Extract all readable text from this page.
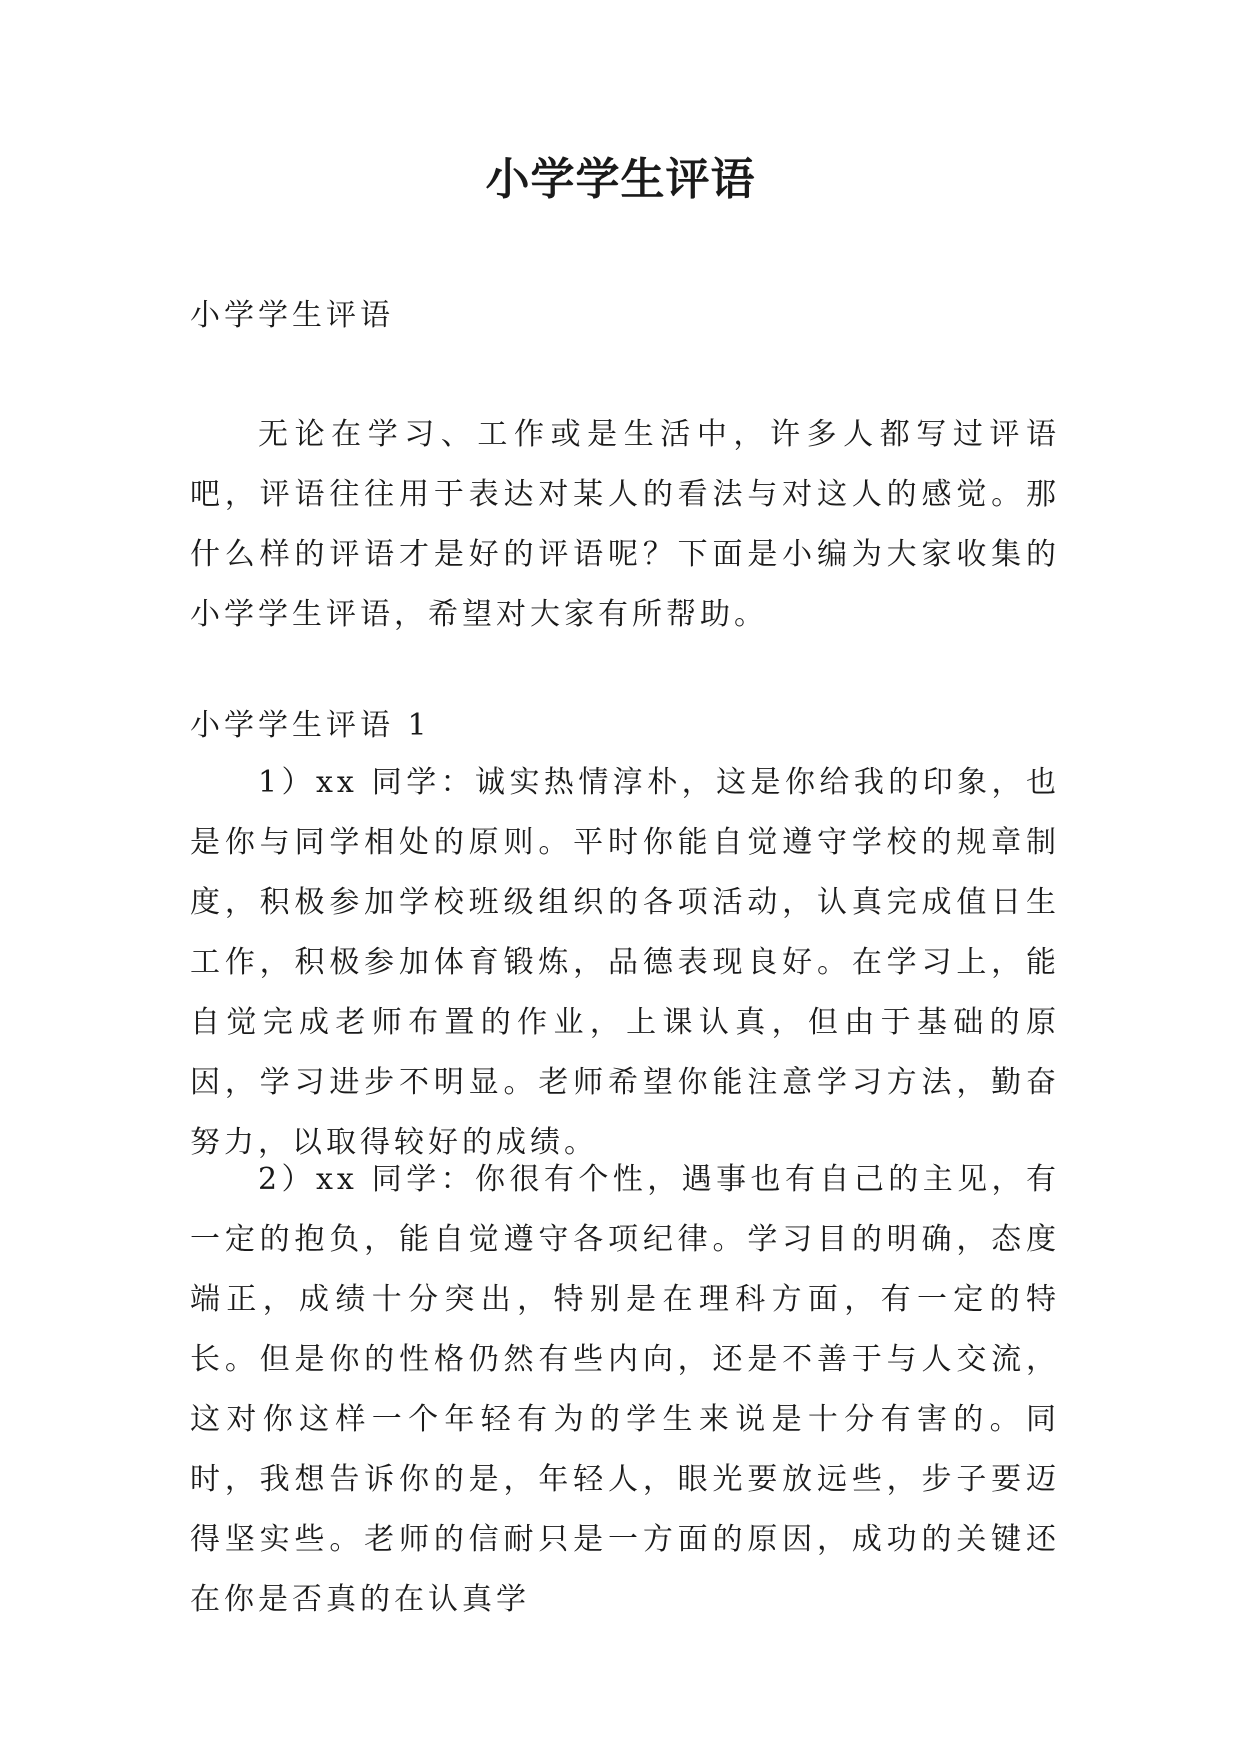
小学学生评语

小学学生评语

无论在学习、工作或是生活中，许多人都写过评语吧，评语往往用于表达对某人的看法与对这人的感觉。那什么样的评语才是好的评语呢？下面是小编为大家收集的小学学生评语，希望对大家有所帮助。

小学学生评语 1

1）xx 同学：诚实热情淳朴，这是你给我的印象，也是你与同学相处的原则。平时你能自觉遵守学校的规章制度，积极参加学校班级组织的各项活动，认真完成值日生工作，积极参加体育锻炼，品德表现良好。在学习上，能自觉完成老师布置的作业，上课认真，但由于基础的原因，学习进步不明显。老师希望你能注意学习方法，勤奋努力，以取得较好的成绩。

2）xx 同学：你很有个性，遇事也有自己的主见，有一定的抱负，能自觉遵守各项纪律。学习目的明确，态度端正，成绩十分突出，特别是在理科方面，有一定的特长。但是你的性格仍然有些内向，还是不善于与人交流，这对你这样一个年轻有为的学生来说是十分有害的。同时，我想告诉你的是，年轻人，眼光要放远些，步子要迈得坚实些。老师的信耐只是一方面的原因，成功的关键还在你是否真的在认真学
